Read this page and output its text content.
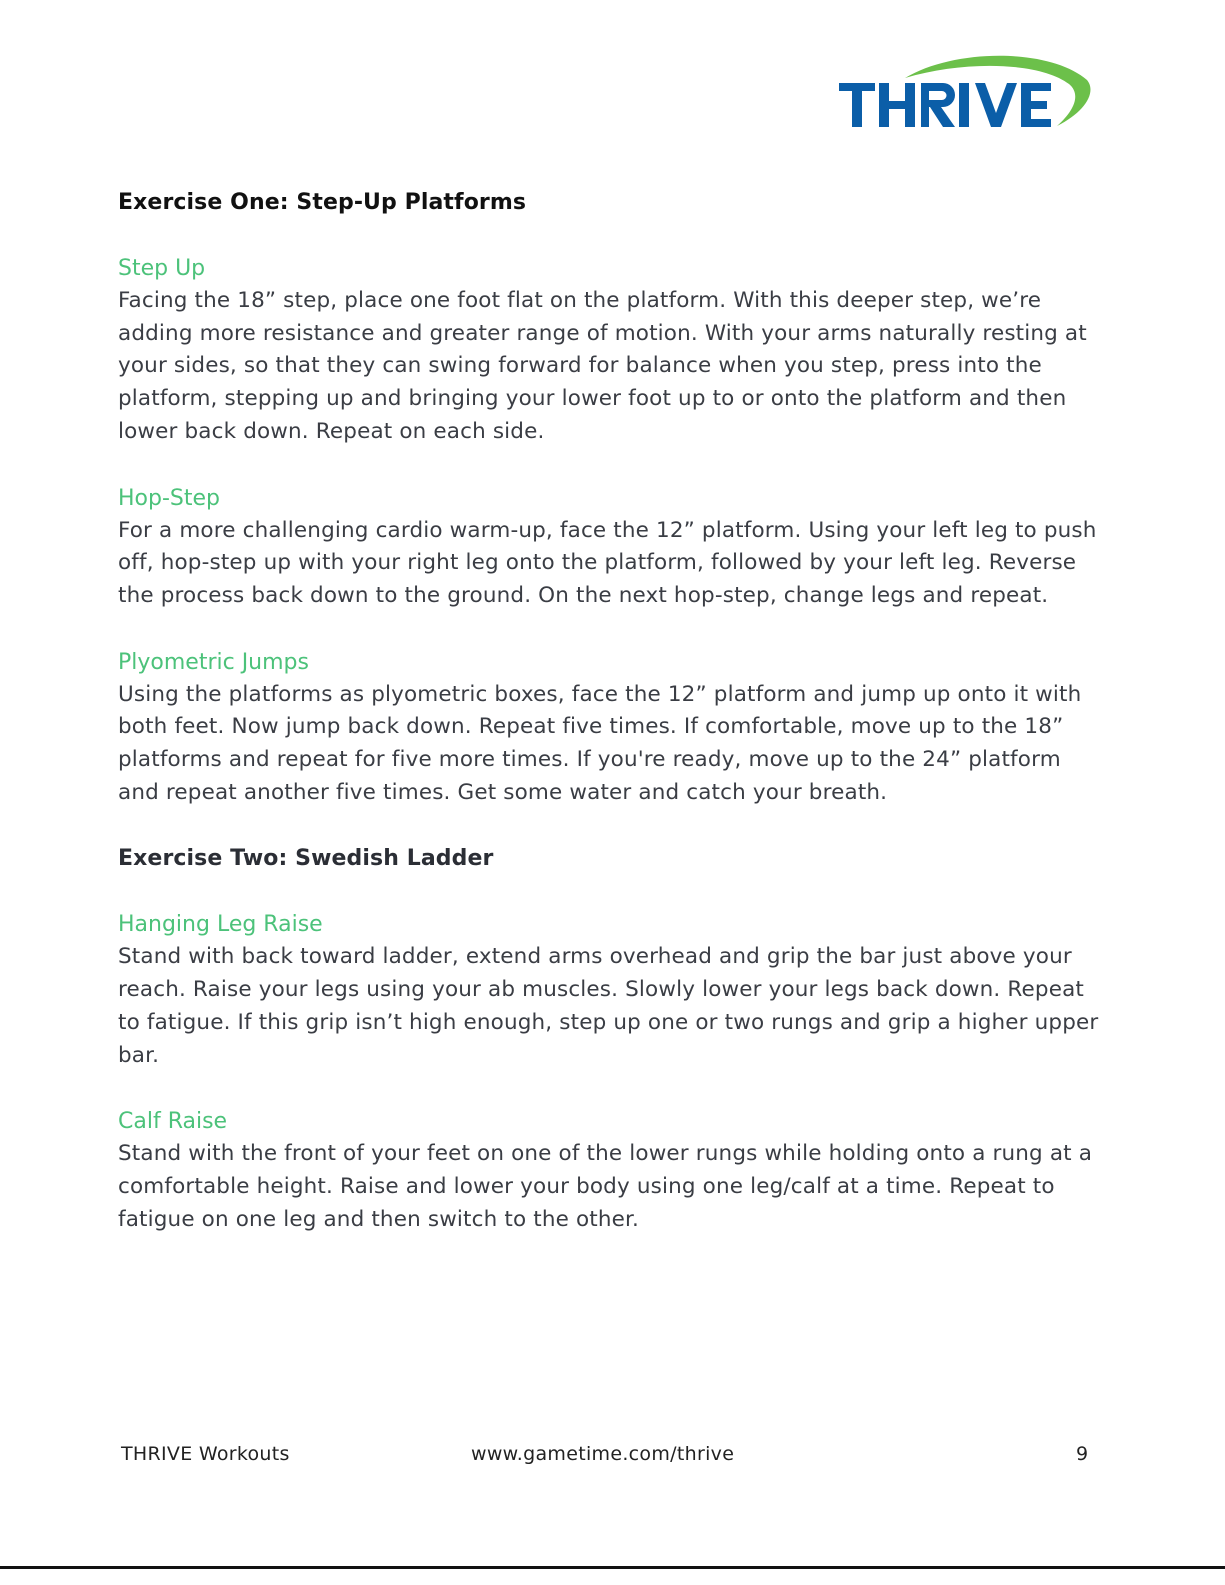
Exercise One: Step-Up Platforms

Step Up

Facing the 18” step, place one foot flat on the platform. With this deeper step, we’re adding more resistance and greater range of motion. With your arms naturally resting at your sides, so that they can swing forward for balance when you step, press into the platform, stepping up and bringing your lower foot up to or onto the platform and then lower back down. Repeat on each side.

Hop-Step

For a more challenging cardio warm-up, face the 12” platform. Using your left leg to push off, hop-step up with your right leg onto the platform, followed by your left leg. Reverse the process back down to the ground. On the next hop-step, change legs and repeat.

Plyometric Jumps

Using the platforms as plyometric boxes, face the 12” platform and jump up onto it with both feet. Now jump back down. Repeat five times. If comfortable, move up to the 18” platforms and repeat for five more times. If you're ready, move up to the 24” platform and repeat another five times. Get some water and catch your breath.

Exercise Two: Swedish Ladder

Hanging Leg Raise

Stand with back toward ladder, extend arms overhead and grip the bar just above your reach. Raise your legs using your ab muscles. Slowly lower your legs back down. Repeat to fatigue. If this grip isn’t high enough, step up one or two rungs and grip a higher upper bar.

Calf Raise

Stand with the front of your feet on one of the lower rungs while holding onto a rung at a comfortable height. Raise and lower your body using one leg/calf at a time. Repeat to fatigue on one leg and then switch to the other.

THRIVE Workouts	www.gametime.com/thrive	9
